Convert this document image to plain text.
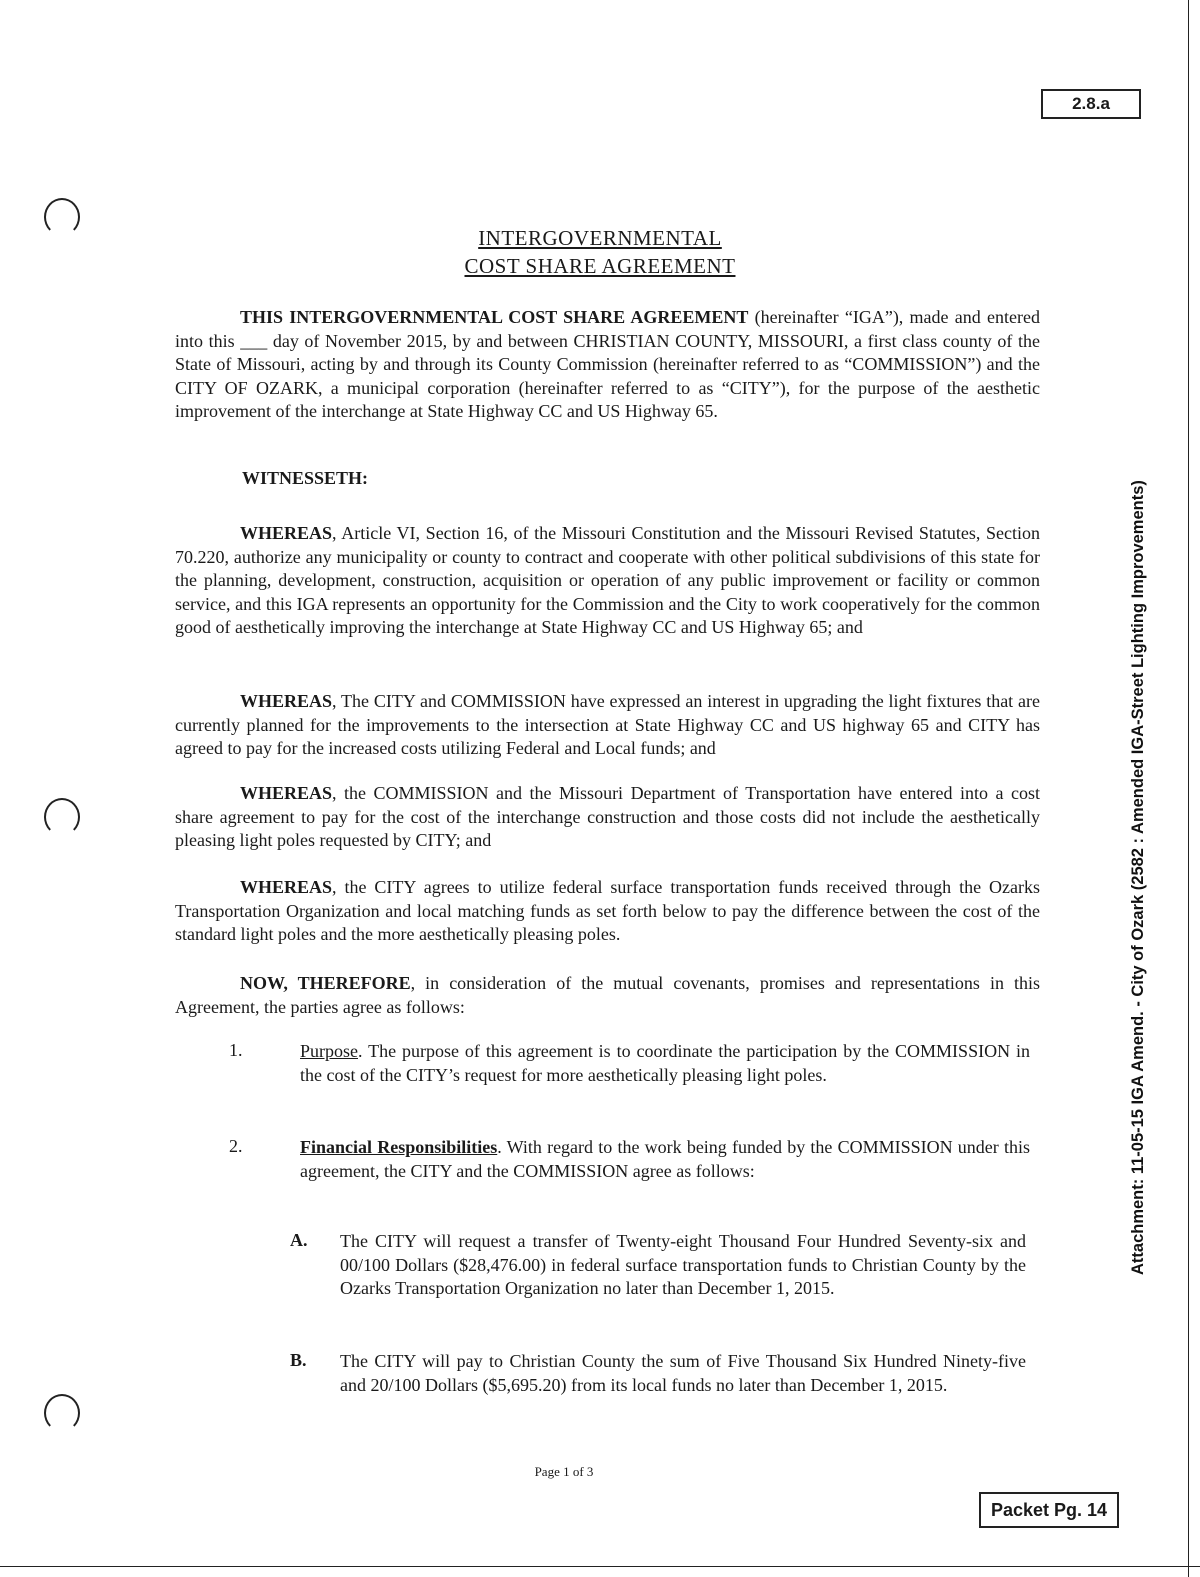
2.8.a
Attachment: 11-05-15 IGA Amend. - City of Ozark (2582 : Amended IGA-Street Lighting Improvements)
INTERGOVERNMENTAL
COST SHARE AGREEMENT

THIS INTERGOVERNMENTAL COST SHARE AGREEMENT (hereinafter “IGA”), made and entered into this ___ day of November 2015, by and between CHRISTIAN COUNTY, MISSOURI, a first class county of the State of Missouri, acting by and through its County Commission (hereinafter referred to as “COMMISSION”) and the CITY OF OZARK, a municipal corporation (hereinafter referred to as “CITY”), for the purpose of the aesthetic improvement of the interchange at State Highway CC and US Highway 65.

WITNESSETH:

WHEREAS, Article VI, Section 16, of the Missouri Constitution and the Missouri Revised Statutes, Section 70.220, authorize any municipality or county to contract and cooperate with other political subdivisions of this state for the planning, development, construction, acquisition or operation of any public improvement or facility or common service, and this IGA represents an opportunity for the Commission and the City to work cooperatively for the common good of aesthetically improving the interchange at State Highway CC and US Highway 65; and

WHEREAS, The CITY and COMMISSION have expressed an interest in upgrading the light fixtures that are currently planned for the improvements to the intersection at State Highway CC and US highway 65 and CITY has agreed to pay for the increased costs utilizing Federal and Local funds; and

WHEREAS, the COMMISSION and the Missouri Department of Transportation have entered into a cost share agreement to pay for the cost of the interchange construction and those costs did not include the aesthetically pleasing light poles requested by CITY; and

WHEREAS, the CITY agrees to utilize federal surface transportation funds received through the Ozarks Transportation Organization and local matching funds as set forth below to pay the difference between the cost of the standard light poles and the more aesthetically pleasing poles.

NOW, THEREFORE, in consideration of the mutual covenants, promises and representations in this Agreement, the parties agree as follows:

1.	Purpose. The purpose of this agreement is to coordinate the participation by the COMMISSION in the cost of the CITY’s request for more aesthetically pleasing light poles.

2.	Financial Responsibilities. With regard to the work being funded by the COMMISSION under this agreement, the CITY and the COMMISSION agree as follows:

A. The CITY will request a transfer of Twenty-eight Thousand Four Hundred Seventy-six and 00/100 Dollars ($28,476.00) in federal surface transportation funds to Christian County by the Ozarks Transportation Organization no later than December 1, 2015.

B. The CITY will pay to Christian County the sum of Five Thousand Six Hundred Ninety-five and 20/100 Dollars ($5,695.20) from its local funds no later than December 1, 2015.

Page 1 of 3
Packet Pg. 14
